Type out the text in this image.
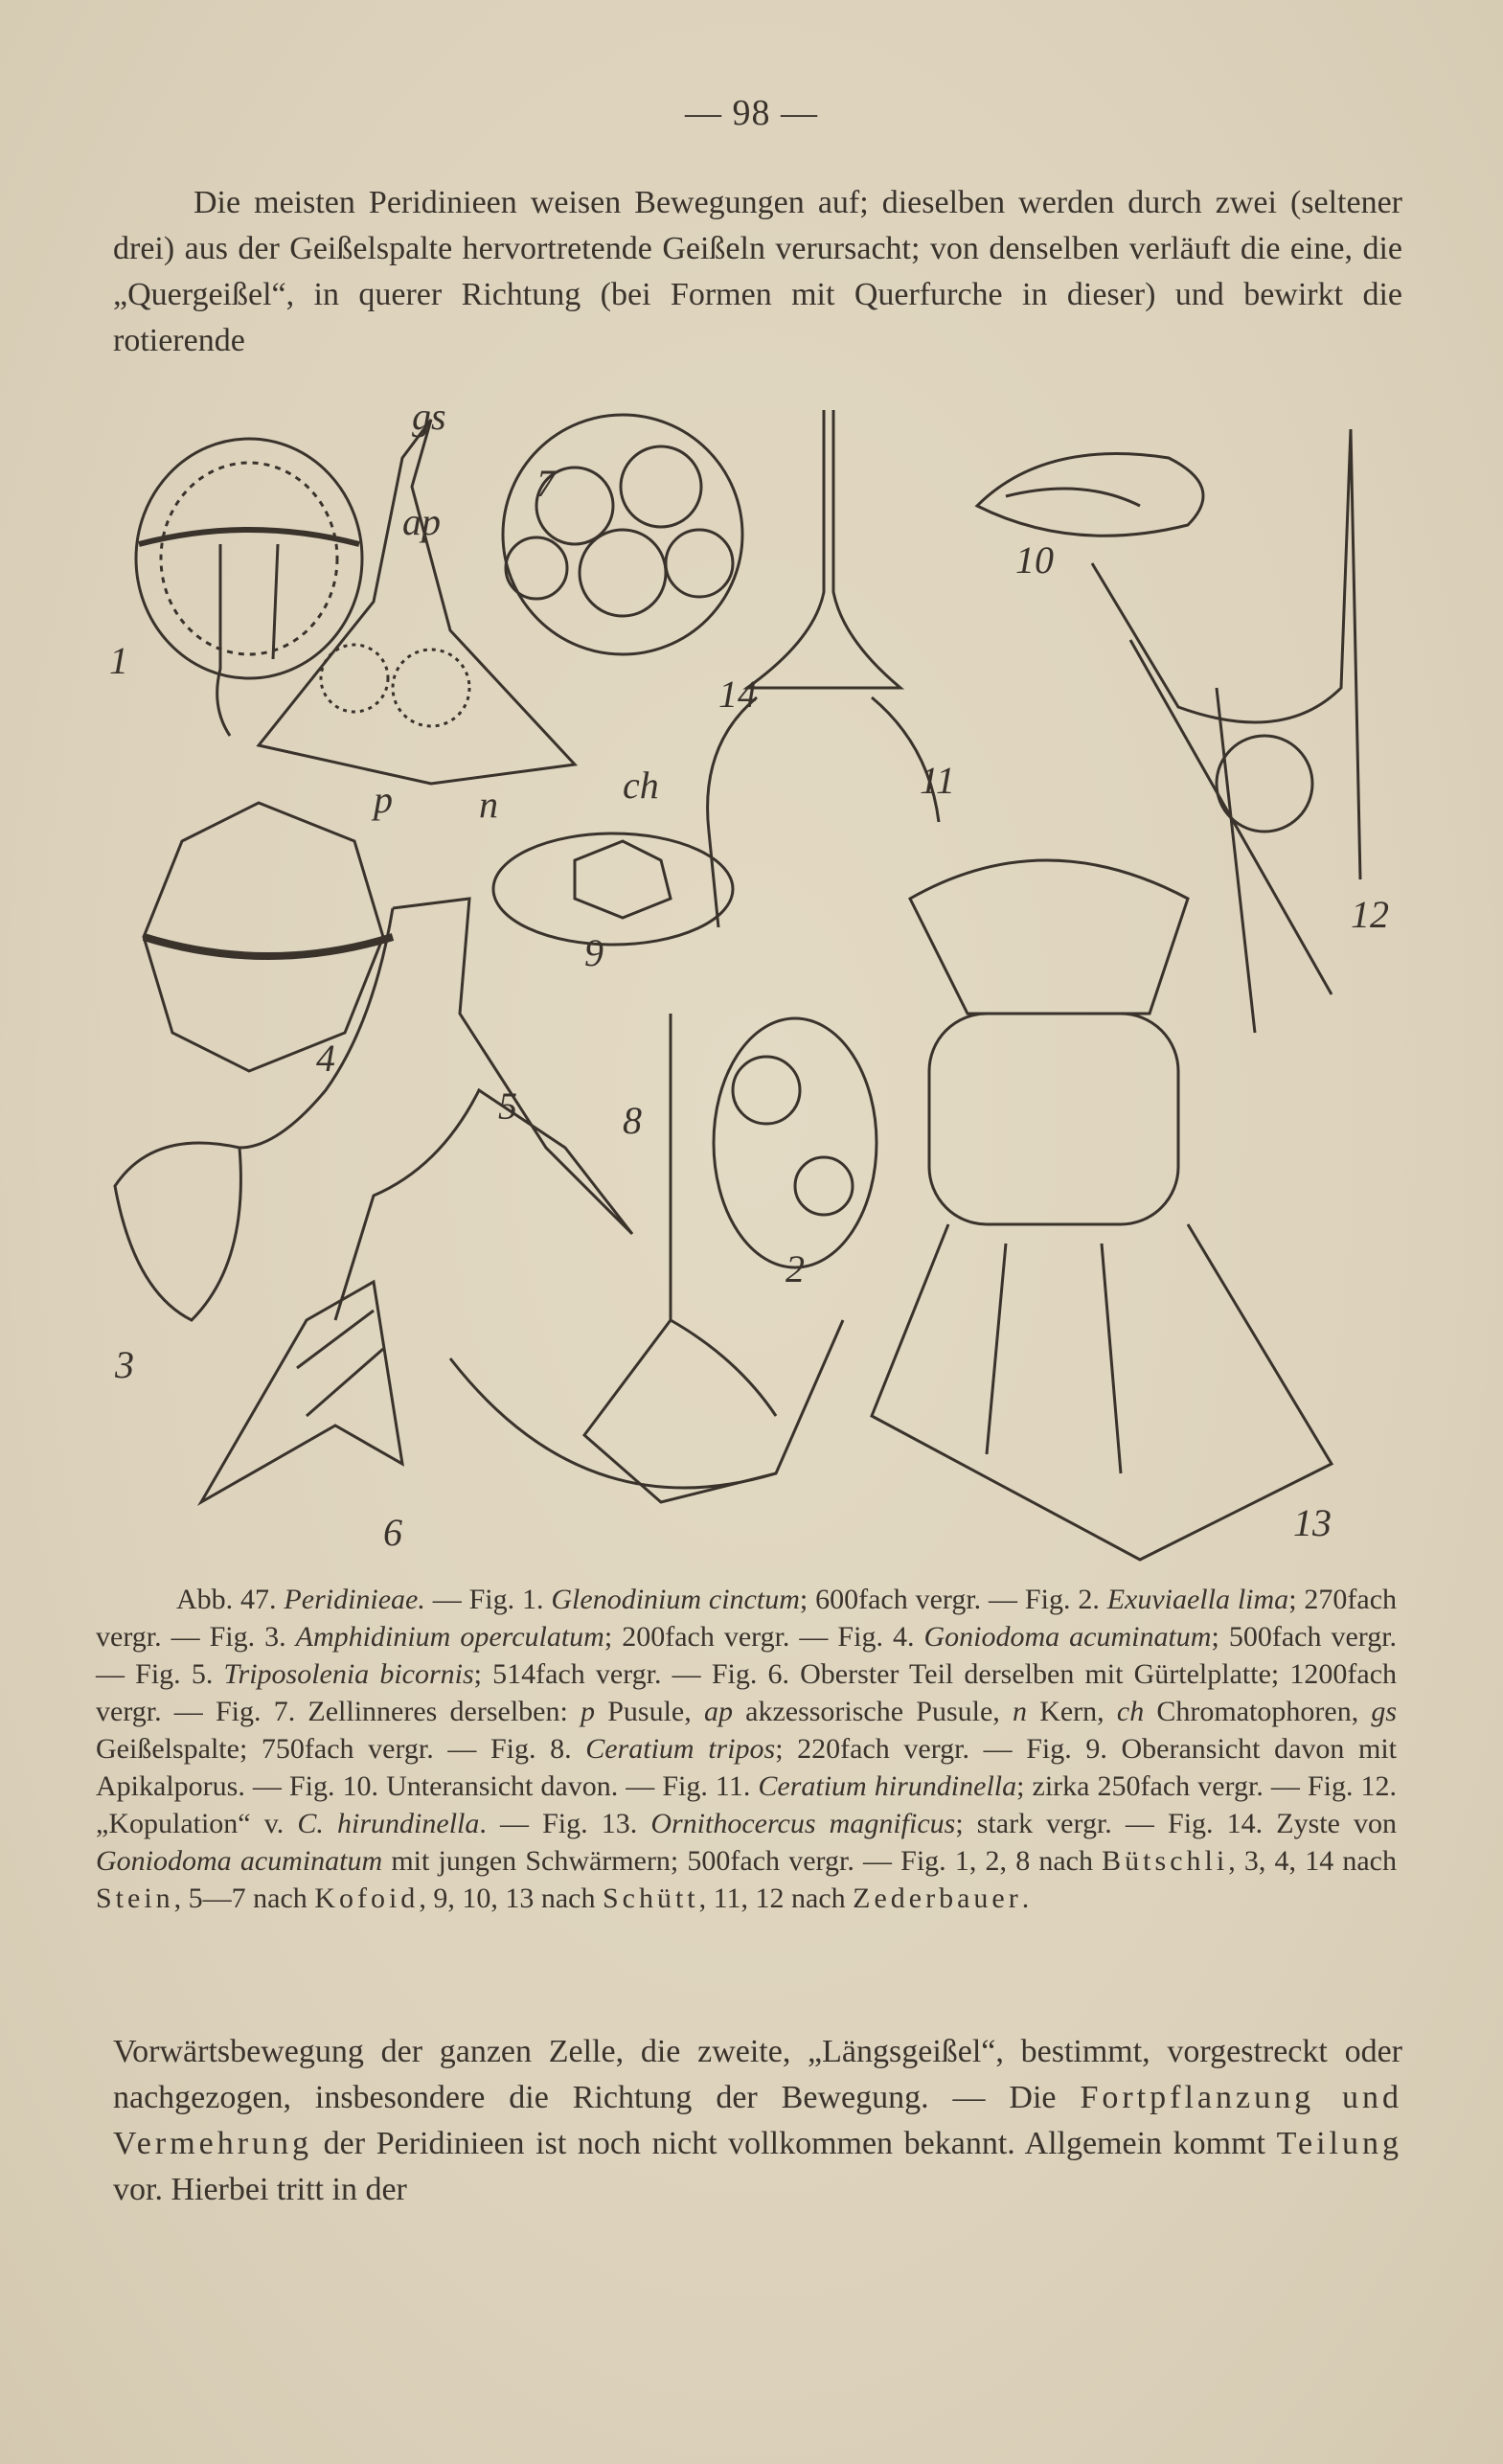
— 98 —

Die meisten Peridinieen weisen Bewegungen auf; dieselben werden durch zwei (seltener drei) aus der Geißelspalte hervortretende Geißeln verursacht; von denselben verläuft die eine, die „Quergeißel“, in querer Richtung (bei Formen mit Querfurche in dieser) und bewirkt die rotierende

1
2
3
4
5
6
7
8
9
10
11
12
13
14
gs
ap
p n	ch
Abb. 47. Peridinieae. — Fig. 1. Glenodinium cinctum; 600fach vergr. — Fig. 2. Exuviaella lima; 270fach vergr. — Fig. 3. Amphidinium operculatum; 200fach vergr. — Fig. 4. Goniodoma acuminatum; 500fach vergr. — Fig. 5. Triposolenia bicornis; 514fach vergr. — Fig. 6. Oberster Teil derselben mit Gürtelplatte; 1200fach vergr. — Fig. 7. Zellinneres derselben: p Pusule, ap akzessorische Pusule, n Kern, ch Chromatophoren, gs Geißelspalte; 750fach vergr. — Fig. 8. Ceratium tripos; 220fach vergr. — Fig. 9. Oberansicht davon mit Apikalporus. — Fig. 10. Unteransicht davon. — Fig. 11. Ceratium hirundinella; zirka 250fach vergr. — Fig. 12. „Kopulation“ v. C. hirundinella. — Fig. 13. Ornithocercus magnificus; stark vergr. — Fig. 14. Zyste von Goniodoma acuminatum mit jungen Schwärmern; 500fach vergr. — Fig. 1, 2, 8 nach Bütschli, 3, 4, 14 nach Stein, 5—7 nach Kofoid, 9, 10, 13 nach Schütt, 11, 12 nach Zederbauer.

Vorwärtsbewegung der ganzen Zelle, die zweite, „Längsgeißel“, bestimmt, vorgestreckt oder nachgezogen, insbesondere die Richtung der Bewegung. — Die Fortpflanzung und Vermehrung der Peridinieen ist noch nicht vollkommen bekannt. Allgemein kommt Teilung vor. Hierbei tritt in der
